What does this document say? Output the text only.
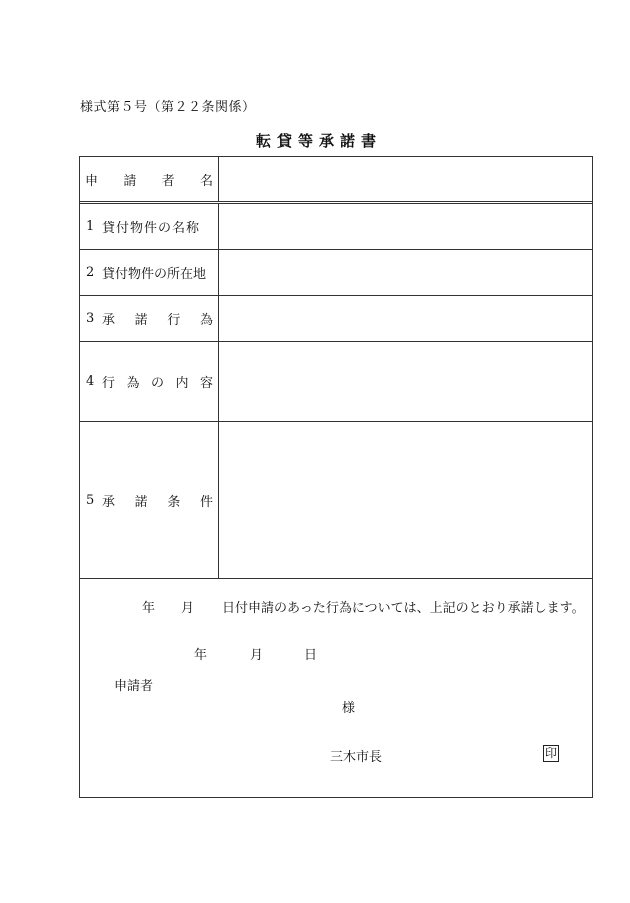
様式第５号（第２２条関係）
転貸等承諾書
申 請 者 名
1 貸付物件の名称
2 貸付物件の所在地
3 承 諾 行 為
4 行 為 の 内 容
5 承 諾 条 件
年 月 日付申請のあった行為については、上記のとおり承諾します。
年	月	日
申請者
様
三木市長	印
